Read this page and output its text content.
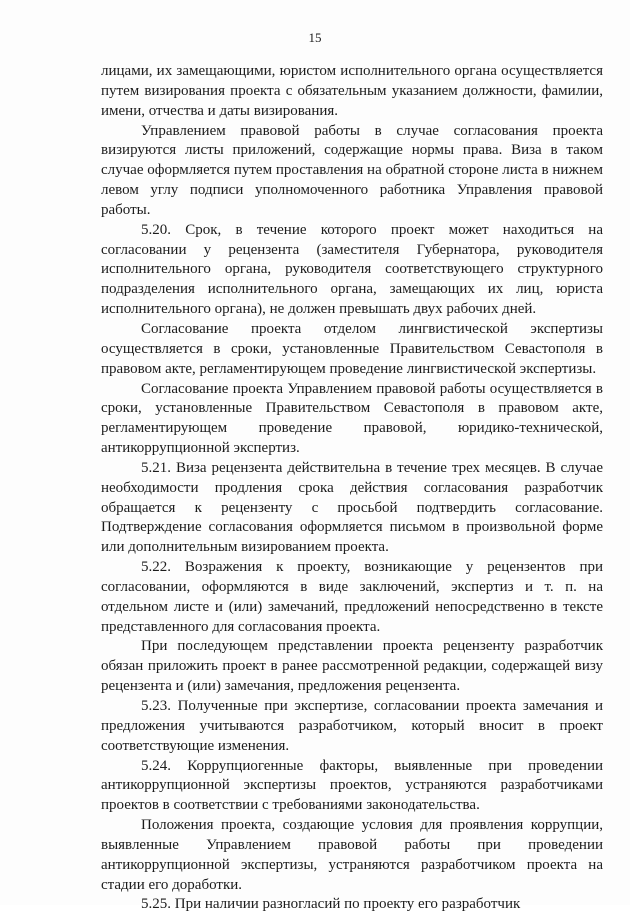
15

лицами, их замещающими, юристом исполнительного органа осуществляется путем визирования проекта с обязательным указанием должности, фамилии, имени, отчества и даты визирования.

Управлением правовой работы в случае согласования проекта визируются листы приложений, содержащие нормы права. Виза в таком случае оформляется путем проставления на обратной стороне листа в нижнем левом углу подписи уполномоченного работника Управления правовой работы.

5.20. Срок, в течение которого проект может находиться на согласовании у рецензента (заместителя Губернатора, руководителя исполнительного органа, руководителя соответствующего структурного подразделения исполнительного органа, замещающих их лиц, юриста исполнительного органа), не должен превышать двух рабочих дней.

Согласование проекта отделом лингвистической экспертизы осуществляется в сроки, установленные Правительством Севастополя в правовом акте, регламентирующем проведение лингвистической экспертизы.

Согласование проекта Управлением правовой работы осуществляется в сроки, установленные Правительством Севастополя в правовом акте, регламентирующем проведение правовой, юридико-технической, антикоррупционной экспертиз.

5.21. Виза рецензента действительна в течение трех месяцев. В случае необходимости продления срока действия согласования разработчик обращается к рецензенту с просьбой подтвердить согласование. Подтверждение согласования оформляется письмом в произвольной форме или дополнительным визированием проекта.

5.22. Возражения к проекту, возникающие у рецензентов при согласовании, оформляются в виде заключений, экспертиз и т. п. на отдельном листе и (или) замечаний, предложений непосредственно в тексте представленного для согласования проекта.

При последующем представлении проекта рецензенту разработчик обязан приложить проект в ранее рассмотренной редакции, содержащей визу рецензента и (или) замечания, предложения рецензента.

5.23. Полученные при экспертизе, согласовании проекта замечания и предложения учитываются разработчиком, который вносит в проект соответствующие изменения.

5.24. Коррупциогенные факторы, выявленные при проведении антикоррупционной экспертизы проектов, устраняются разработчиками проектов в соответствии с требованиями законодательства.

Положения проекта, создающие условия для проявления коррупции, выявленные Управлением правовой работы при проведении антикоррупционной экспертизы, устраняются разработчиком проекта на стадии его доработки.

5.25. При наличии разногласий по проекту его разработчик
